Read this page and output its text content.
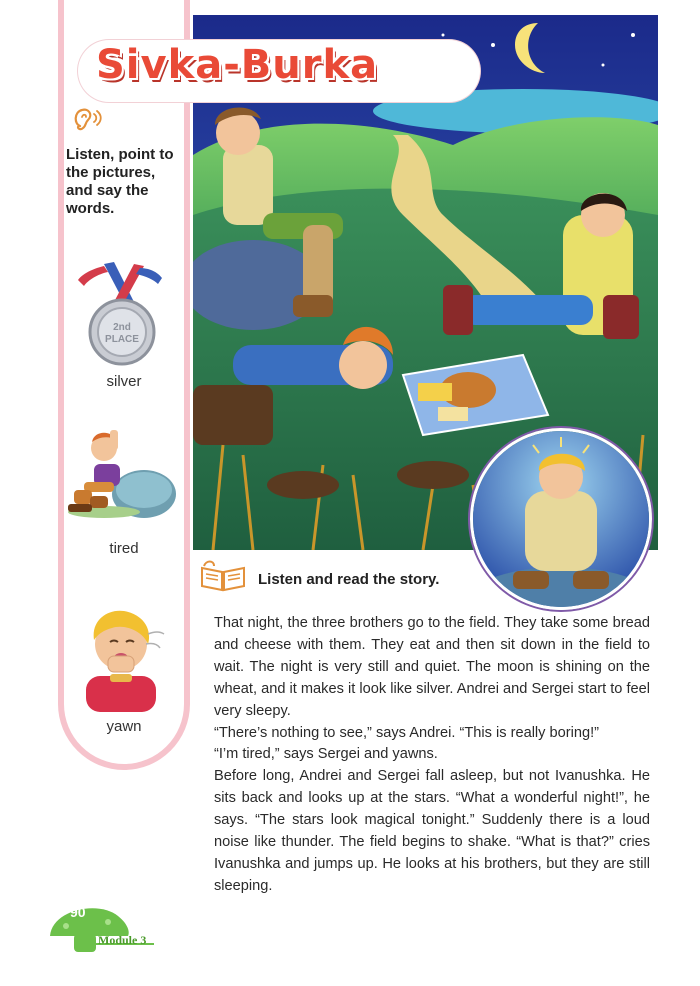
Sivka-Burka
Listen, point to the pictures, and say the words.
2nd
PLACE
silver
tired
yawn
Listen and read the story.

That night, the three brothers go to the field. They take some bread and cheese with them. They eat and then sit down in the field to wait. The night is very still and quiet. The moon is shining on the wheat, and it makes it look like silver. Andrei and Sergei start to feel very sleepy.

“There’s nothing to see,” says Andrei. “This is really boring!”

“I’m tired,” says Sergei and yawns.

Before long, Andrei and Sergei fall asleep, but not Ivanushka. He sits back and looks up at the stars. “What a wonderful night!”, he says. “The stars look magical tonight.” Suddenly there is a loud noise like thunder. The field begins to shake. “What is that?” cries Ivanushka and jumps up. He looks at his brothers, but they are still sleeping.

90
Module 3
